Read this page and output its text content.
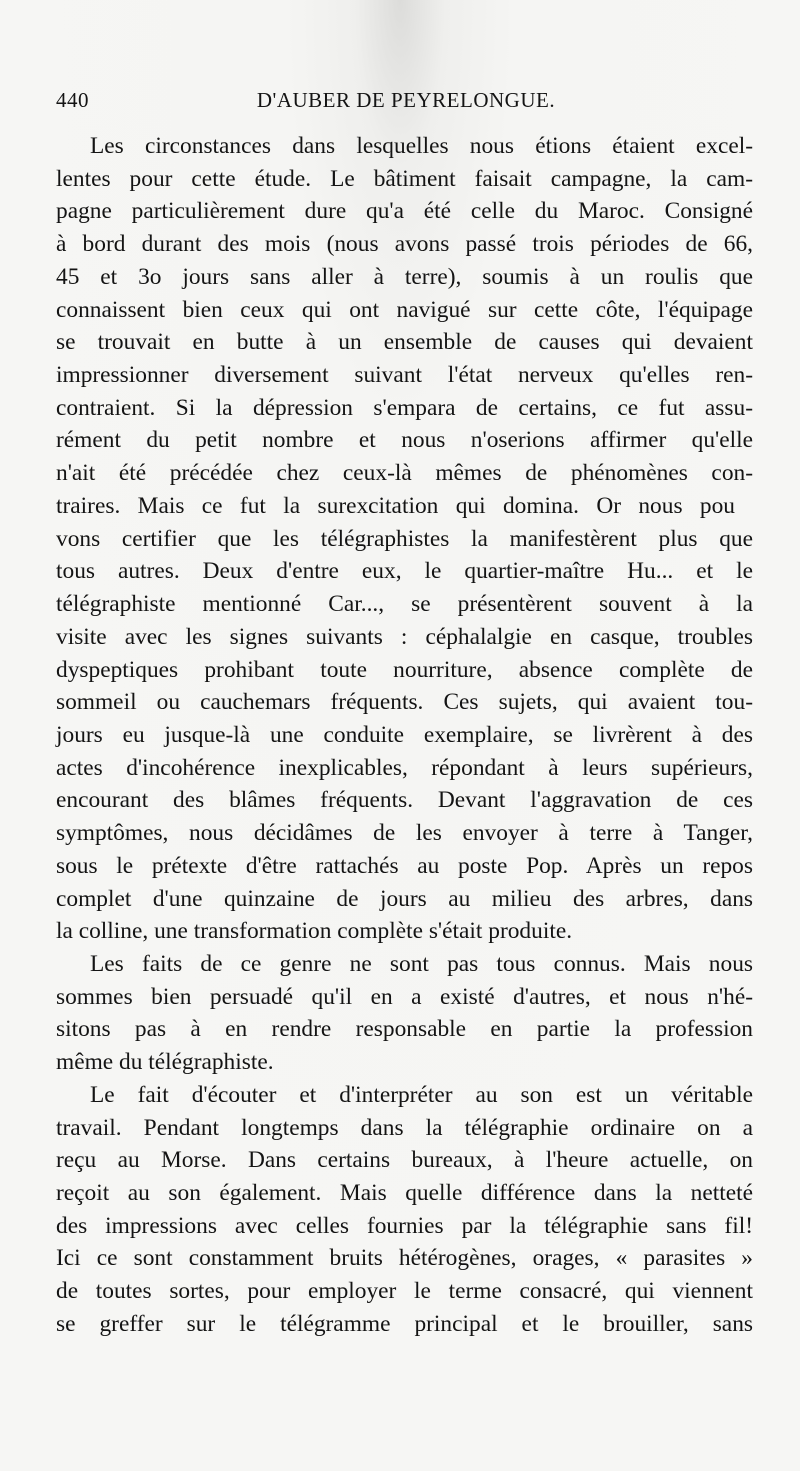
440	D'AUBER DE PEYRELONGUE.
Les circonstances dans lesquelles nous étions étaient excel-
lentes pour cette étude. Le bâtiment faisait campagne, la cam-
pagne particulièrement dure qu'a été celle du Maroc. Consigné
à bord durant des mois (nous avons passé trois périodes de 66,
45 et 3o jours sans aller à terre), soumis à un roulis que
connaissent bien ceux qui ont navigué sur cette côte, l'équipage
se trouvait en butte à un ensemble de causes qui devaient
impressionner diversement suivant l'état nerveux qu'elles ren-
contraient. Si la dépression s'empara de certains, ce fut assu-
rément du petit nombre et nous n'oserions affirmer qu'elle
n'ait été précédée chez ceux-là mêmes de phénomènes con-
traires. Mais ce fut la surexcitation qui domina. Or nous pou
vons certifier que les télégraphistes la manifestèrent plus que
tous autres. Deux d'entre eux, le quartier-maître Hu... et le
télégraphiste mentionné Car..., se présentèrent souvent à la
visite avec les signes suivants : céphalalgie en casque, troubles
dyspeptiques prohibant toute nourriture, absence complète de
sommeil ou cauchemars fréquents. Ces sujets, qui avaient tou-
jours eu jusque-là une conduite exemplaire, se livrèrent à des
actes d'incohérence inexplicables, répondant à leurs supérieurs,
encourant des blâmes fréquents. Devant l'aggravation de ces
symptômes, nous décidâmes de les envoyer à terre à Tanger,
sous le prétexte d'être rattachés au poste Pop. Après un repos
complet d'une quinzaine de jours au milieu des arbres, dans
la colline, une transformation complète s'était produite.
Les faits de ce genre ne sont pas tous connus. Mais nous
sommes bien persuadé qu'il en a existé d'autres, et nous n'hé-
sitons pas à en rendre responsable en partie la profession
même du télégraphiste.
Le fait d'écouter et d'interpréter au son est un véritable
travail. Pendant longtemps dans la télégraphie ordinaire on a
reçu au Morse. Dans certains bureaux, à l'heure actuelle, on
reçoit au son également. Mais quelle différence dans la netteté
des impressions avec celles fournies par la télégraphie sans fil!
Ici ce sont constamment bruits hétérogènes, orages, « parasites »
de toutes sortes, pour employer le terme consacré, qui viennent
se greffer sur le télégramme principal et le brouiller, sans
